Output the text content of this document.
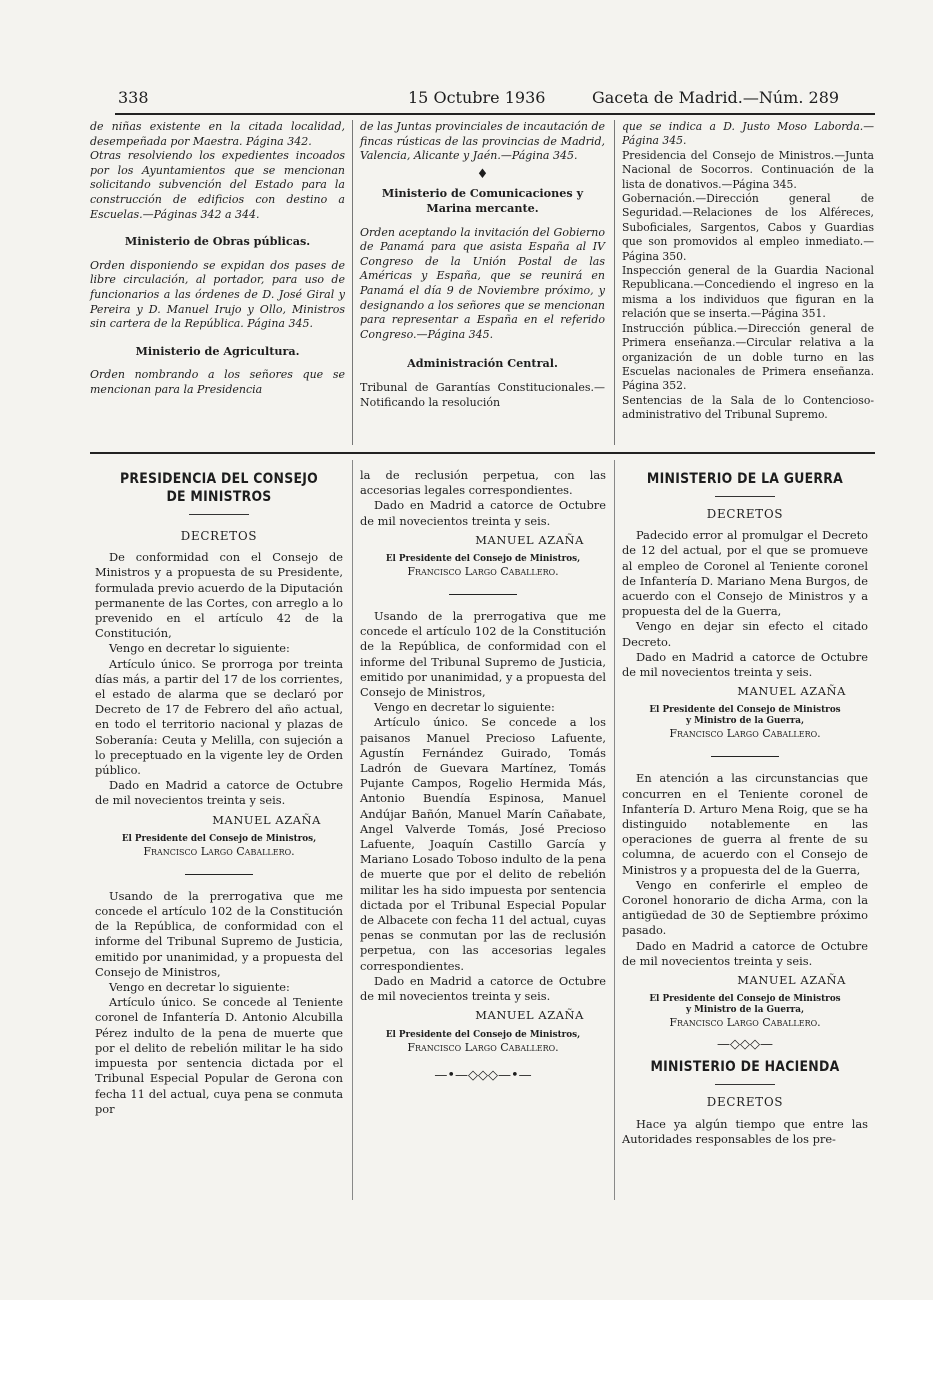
338	15 Octubre 1936	Gaceta de Madrid.—Núm. 289

de niñas existente en la citada localidad, desempeñada por Maestra. Página 342.

Otras resolviendo los expedientes incoados por los Ayuntamientos que se mencionan solicitando subvención del Estado para la construcción de edificios con destino a Escuelas.—Páginas 342 a 344.

Ministerio de Obras públicas.

Orden disponiendo se expidan dos pases de libre circulación, al portador, para uso de funcionarios a las órdenes de D. José Giral y Pereira y D. Manuel Irujo y Ollo, Ministros sin cartera de la República. Página 345.

Ministerio de Agricultura.

Orden nombrando a los señores que se mencionan para la Presidencia

de las Juntas provinciales de incautación de fincas rústicas de las provincias de Madrid, Valencia, Alicante y Jaén.—Página 345.

♦
Ministerio de Comunicaciones y Marina mercante.

Orden aceptando la invitación del Gobierno de Panamá para que asista España al IV Congreso de la Unión Postal de las Américas y España, que se reunirá en Panamá el día 9 de Noviembre próximo, y designando a los señores que se mencionan para representar a España en el referido Congreso.—Página 345.

Administración Central.

Tribunal de Garantías Constitucionales.—Notificando la resolución

que se indica a D. Justo Moso Laborda.—Página 345.

Presidencia del Consejo de Ministros.—Junta Nacional de Socorros. Continuación de la lista de donativos.—Página 345.

Gobernación.—Dirección general de Seguridad.—Relaciones de los Alféreces, Suboficiales, Sargentos, Cabos y Guardias que son promovidos al empleo inmediato.—Página 350.

Inspección general de la Guardia Nacional Republicana.—Concediendo el ingreso en la misma a los individuos que figuran en la relación que se inserta.—Página 351.

Instrucción pública.—Dirección general de Primera enseñanza.—Circular relativa a la organización de un doble turno en las Escuelas nacionales de Primera enseñanza. Página 352.

Sentencias de la Sala de lo Contencioso-administrativo del Tribunal Supremo.

PRESIDENCIA DEL CONSEJO
DE MINISTROS
DECRETOS

De conformidad con el Consejo de Ministros y a propuesta de su Presidente, formulada previo acuerdo de la Diputación permanente de las Cortes, con arreglo a lo prevenido en el artículo 42 de la Constitución,

Vengo en decretar lo siguiente:

Artículo único. Se prorroga por treinta días más, a partir del 17 de los corrientes, el estado de alarma que se declaró por Decreto de 17 de Febrero del año actual, en todo el territorio nacional y plazas de Soberanía: Ceuta y Melilla, con sujeción a lo preceptuado en la vigente ley de Orden público.

Dado en Madrid a catorce de Octubre de mil novecientos treinta y seis.

MANUEL AZAÑA
El Presidente del Consejo de Ministros,
Francisco Largo Caballero.

Usando de la prerrogativa que me concede el artículo 102 de la Constitución de la República, de conformidad con el informe del Tribunal Supremo de Justicia, emitido por unanimidad, y a propuesta del Consejo de Ministros,

Vengo en decretar lo siguiente:

Artículo único. Se concede al Teniente coronel de Infantería D. Antonio Alcubilla Pérez indulto de la pena de muerte que por el delito de rebelión militar le ha sido impuesta por sentencia dictada por el Tribunal Especial Popular de Gerona con fecha 11 del actual, cuya pena se conmuta por

la de reclusión perpetua, con las accesorias legales correspondientes.

Dado en Madrid a catorce de Octubre de mil novecientos treinta y seis.

MANUEL AZAÑA
El Presidente del Consejo de Ministros,
Francisco Largo Caballero.

Usando de la prerrogativa que me concede el artículo 102 de la Constitución de la República, de conformidad con el informe del Tribunal Supremo de Justicia, emitido por unanimidad, y a propuesta del Consejo de Ministros,

Vengo en decretar lo siguiente:

Artículo único. Se concede a los paisanos Manuel Precioso Lafuente, Agustín Fernández Guirado, Tomás Ladrón de Guevara Martínez, Tomás Pujante Campos, Rogelio Hermida Más, Antonio Buendía Espinosa, Manuel Andújar Bañón, Manuel Marín Cañabate, Angel Valverde Tomás, José Precioso Lafuente, Joaquín Castillo García y Mariano Losado Toboso indulto de la pena de muerte que por el delito de rebelión militar les ha sido impuesta por sentencia dictada por el Tribunal Especial Popular de Albacete con fecha 11 del actual, cuyas penas se conmutan por las de reclusión perpetua, con las accesorias legales correspondientes.

Dado en Madrid a catorce de Octubre de mil novecientos treinta y seis.

MANUEL AZAÑA
El Presidente del Consejo de Ministros,
Francisco Largo Caballero.
—•—◇◇◇—•—
MINISTERIO DE LA GUERRA
DECRETOS

Padecido error al promulgar el Decreto de 12 del actual, por el que se promueve al empleo de Coronel al Teniente coronel de Infantería D. Mariano Mena Burgos, de acuerdo con el Consejo de Ministros y a propuesta del de la Guerra,

Vengo en dejar sin efecto el citado Decreto.

Dado en Madrid a catorce de Octubre de mil novecientos treinta y seis.

MANUEL AZAÑA
El Presidente del Consejo de Ministros
y Ministro de la Guerra,
Francisco Largo Caballero.

En atención a las circunstancias que concurren en el Teniente coronel de Infantería D. Arturo Mena Roig, que se ha distinguido notablemente en las operaciones de guerra al frente de su columna, de acuerdo con el Consejo de Ministros y a propuesta del de la Guerra,

Vengo en conferirle el empleo de Coronel honorario de dicha Arma, con la antigüedad de 30 de Septiembre próximo pasado.

Dado en Madrid a catorce de Octubre de mil novecientos treinta y seis.

MANUEL AZAÑA
El Presidente del Consejo de Ministros
y Ministro de la Guerra,
Francisco Largo Caballero.
—◇◇◇—
MINISTERIO DE HACIENDA
DECRETOS

Hace ya algún tiempo que entre las Autoridades responsables de los pre-
